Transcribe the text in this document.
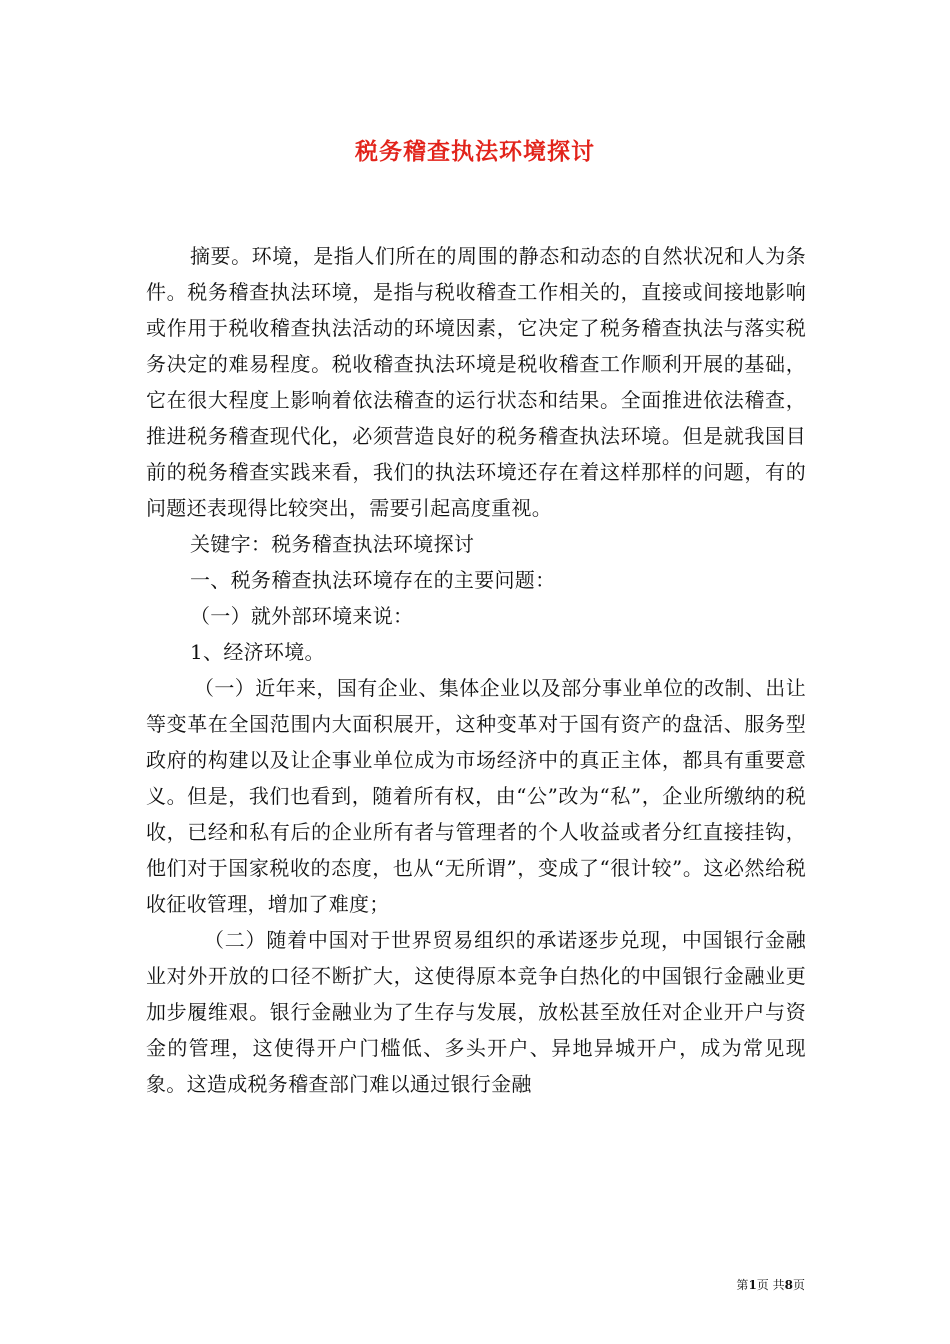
税务稽查执法环境探讨

摘要。环境，是指人们所在的周围的静态和动态的自然状况和人为条件。税务稽查执法环境，是指与税收稽查工作相关的，直接或间接地影响或作用于税收稽查执法活动的环境因素，它决定了税务稽查执法与落实税务决定的难易程度。税收稽查执法环境是税收稽查工作顺利开展的基础，它在很大程度上影响着依法稽查的运行状态和结果。全面推进依法稽查，推进税务稽查现代化，必须营造良好的税务稽查执法环境。但是就我国目前的税务稽查实践来看，我们的执法环境还存在着这样那样的问题，有的问题还表现得比较突出，需要引起高度重视。

关键字：税务稽查执法环境探讨

一、税务稽查执法环境存在的主要问题：

（一）就外部环境来说：

1、经济环境。

（一）近年来，国有企业、集体企业以及部分事业单位的改制、出让等变革在全国范围内大面积展开，这种变革对于国有资产的盘活、服务型政府的构建以及让企事业单位成为市场经济中的真正主体，都具有重要意义。但是，我们也看到，随着所有权，由“公”改为“私”，企业所缴纳的税收，已经和私有后的企业所有者与管理者的个人收益或者分红直接挂钩，他们对于国家税收的态度，也从“无所谓”，变成了“很计较”。这必然给税收征收管理，增加了难度；

（二）随着中国对于世界贸易组织的承诺逐步兑现，中国银行金融业对外开放的口径不断扩大，这使得原本竞争白热化的中国银行金融业更加步履维艰。银行金融业为了生存与发展，放松甚至放任对企业开户与资金的管理，这使得开户门槛低、多头开户、异地异城开户，成为常见现象。这造成税务稽查部门难以通过银行金融

第1页 共8页
